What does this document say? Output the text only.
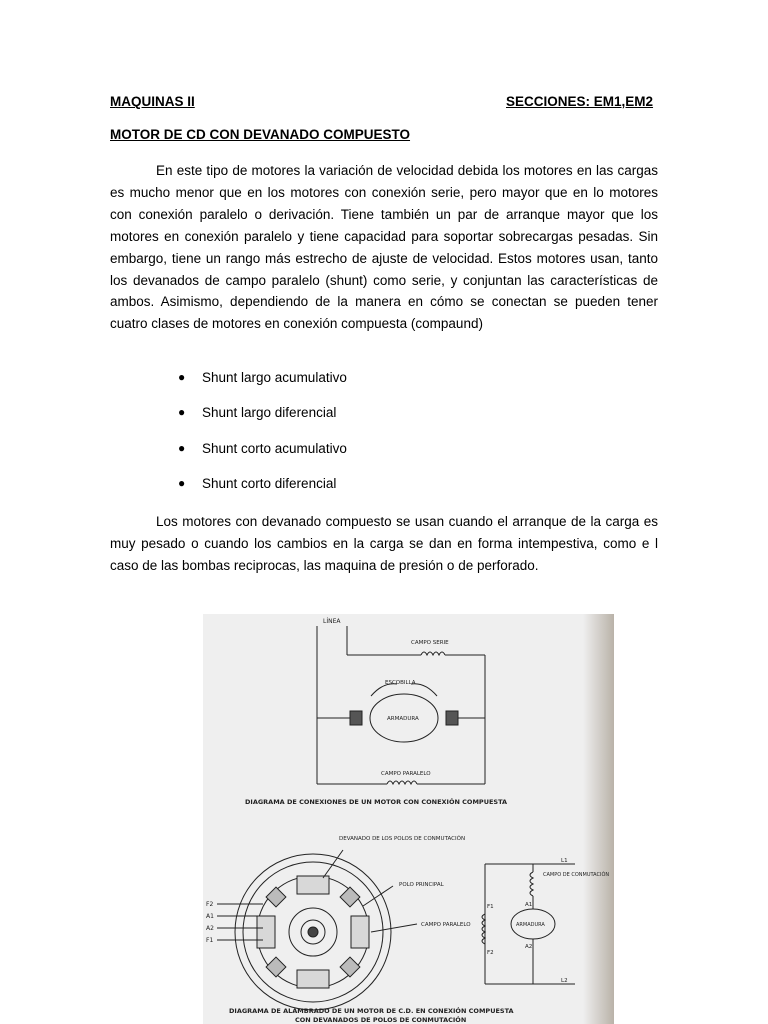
MAQUINAS II	SECCIONES: EM1,EM2
MOTOR DE CD CON DEVANADO COMPUESTO

En este tipo de motores la variación de velocidad debida los motores en las cargas es mucho menor que en los motores con conexión serie, pero mayor que en lo motores con conexión paralelo o derivación. Tiene también un par de arranque mayor que los motores en conexión paralelo y tiene capacidad para soportar sobrecargas pesadas. Sin embargo, tiene un rango más estrecho de ajuste de velocidad. Estos motores usan, tanto los devanados de campo paralelo (shunt) como serie, y conjuntan las características de ambos. Asimismo, dependiendo de la manera en cómo se conectan se pueden tener cuatro clases de motores en conexión compuesta (compaund)

●	Shunt largo acumulativo
●	Shunt largo diferencial
●	Shunt corto acumulativo
●	Shunt corto diferencial

Los motores con devanado compuesto se usan cuando el arranque de la carga es muy pesado o cuando los cambios en la carga se dan en forma intempestiva, como e l caso de las bombas reciprocas, las maquina de presión o de perforado.

LÍNEA
CAMPO SERIE
ESCOBILLA
ARMADURA
CAMPO PARALELO
DIAGRAMA DE CONEXIONES DE UN MOTOR CON CONEXIÓN COMPUESTA
DEVANADO DE LOS POLOS DE CONMUTACIÓN
POLO PRINCIPAL
CAMPO PARALELO
F2
A1
A2
F1
L1
L2
CAMPO DE CONMUTACIÓN
A1
A2
F1
F2
ARMADURA
DIAGRAMA DE ALAMBRADO DE UN MOTOR DE C.D. EN CONEXIÓN COMPUESTA
CON DEVANADOS DE POLOS DE CONMUTACIÓN
